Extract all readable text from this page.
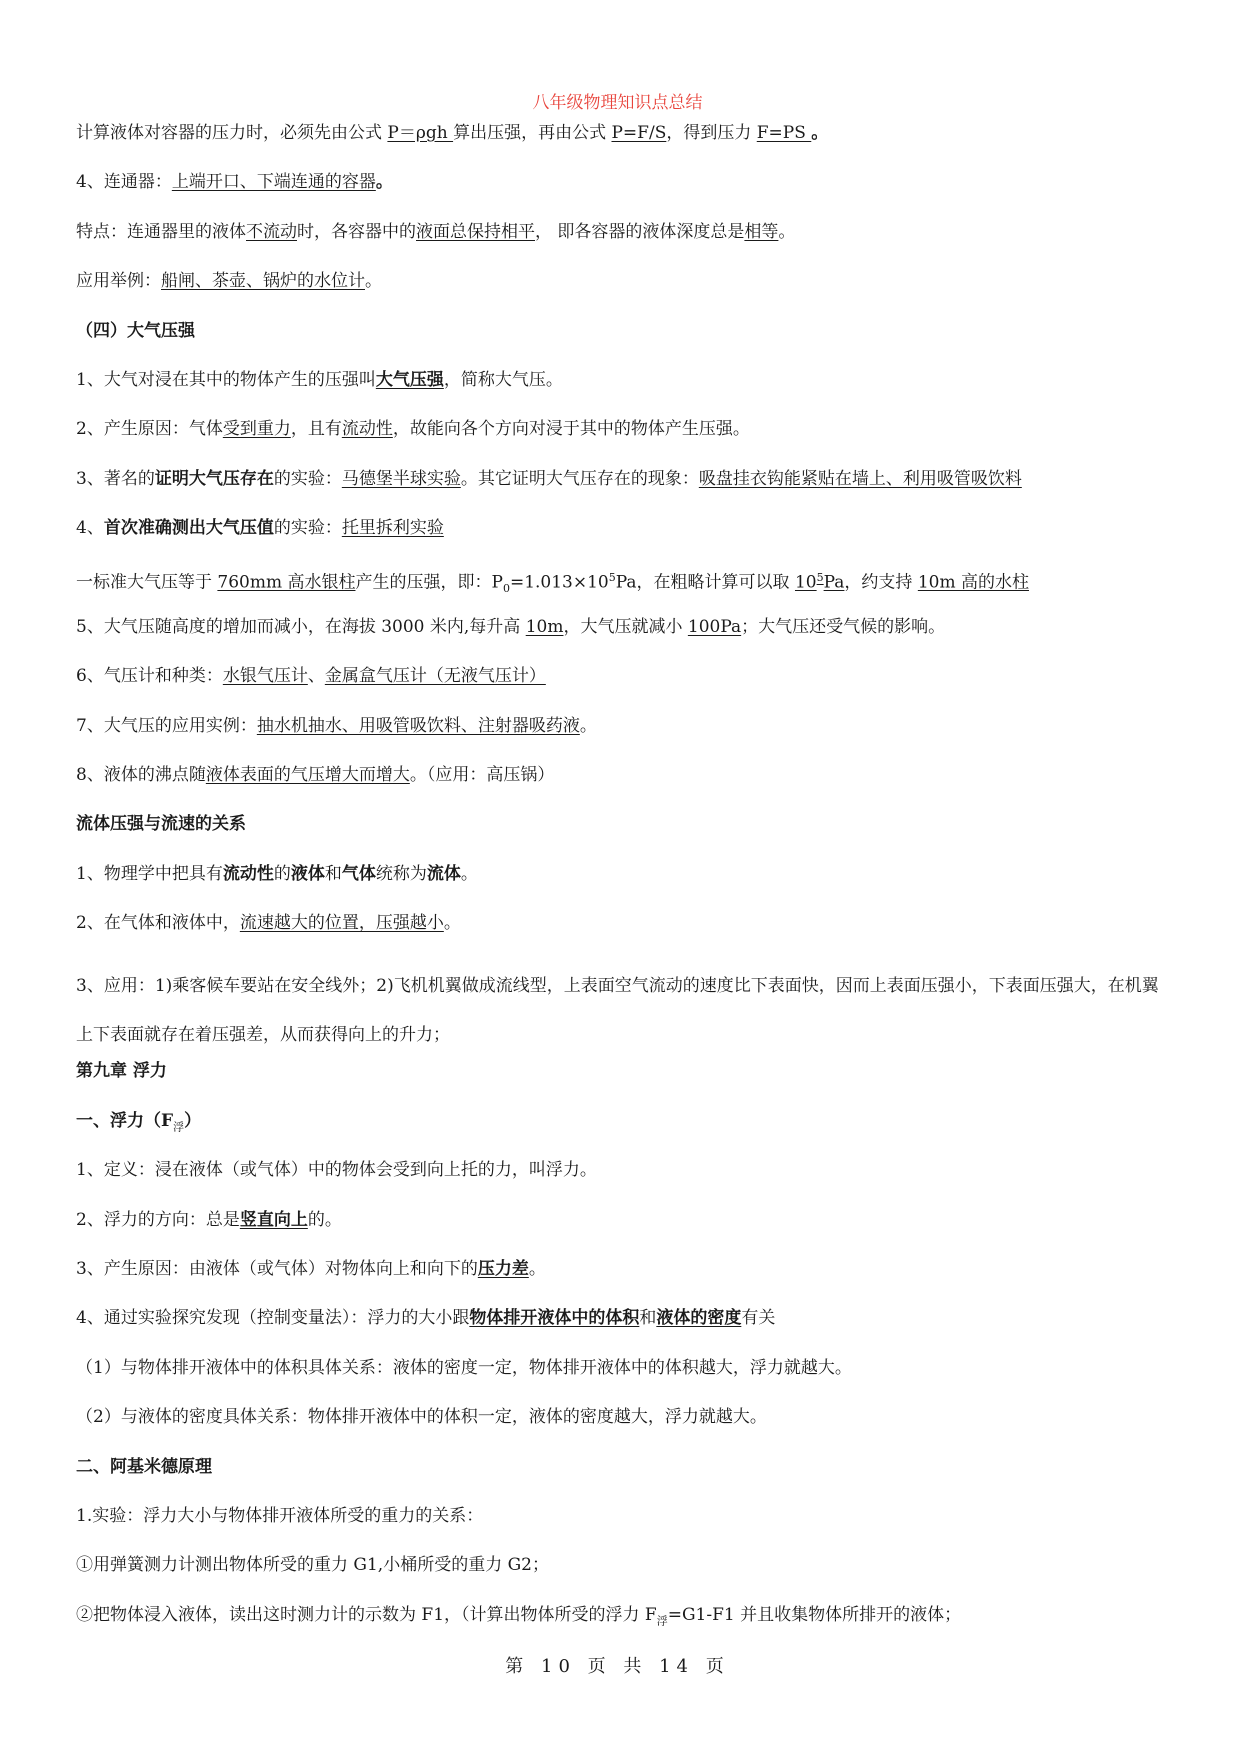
八年级物理知识点总结
计算液体对容器的压力时，必须先由公式 P＝ρgh 算出压强，再由公式 P=F/S，得到压力 F=PS 。
4、连通器：上端开口、下端连通的容器。
特点：连通器里的液体不流动时，各容器中的液面总保持相平， 即各容器的液体深度总是相等。
应用举例：船闸、茶壶、锅炉的水位计。
（四）大气压强
1、大气对浸在其中的物体产生的压强叫大气压强，简称大气压。
2、产生原因：气体受到重力，且有流动性，故能向各个方向对浸于其中的物体产生压强。
3、著名的证明大气压存在的实验：马德堡半球实验。其它证明大气压存在的现象：吸盘挂衣钩能紧贴在墙上、利用吸管吸饮料
4、首次准确测出大气压值的实验：托里拆利实验
一标准大气压等于 760mm 高水银柱产生的压强，即：$P_0=1.013\times 10^5Pa$，在粗略计算可以取 $10^5Pa$，约支持 10m 高的水柱
5、大气压随高度的增加而减小，在海拔 3000 米内,每升高 10m，大气压就减小 100Pa；大气压还受气候的影响。
6、气压计和种类：水银气压计、金属盒气压计（无液气压计）
7、大气压的应用实例：抽水机抽水、用吸管吸饮料、注射器吸药液。
8、液体的沸点随液体表面的气压增大而增大。（应用：高压锅）
流体压强与流速的关系
1、物理学中把具有流动性的液体和气体统称为流体。
2、在气体和液体中，流速越大的位置，压强越小。
3、应用：1)乘客候车要站在安全线外；2)飞机机翼做成流线型，上表面空气流动的速度比下表面快，因而上表面压强小，下表面压强大，在机翼上下表面就存在着压强差，从而获得向上的升力；
第九章 浮力
一、浮力$(F_浮)$
1、定义：浸在液体（或气体）中的物体会受到向上托的力，叫浮力。
2、浮力的方向：总是竖直向上的。
3、产生原因：由液体（或气体）对物体向上和向下的压力差。
4、通过实验探究发现（控制变量法）：浮力的大小跟物体排开液体中的体积和液体的密度有关
（1）与物体排开液体中的体积具体关系：液体的密度一定，物体排开液体中的体积越大，浮力就越大。
（2）与液体的密度具体关系：物体排开液体中的体积一定，液体的密度越大，浮力就越大。
二、阿基米德原理
1.实验：浮力大小与物体排开液体所受的重力的关系：
①用弹簧测力计测出物体所受的重力 G1,小桶所受的重力 G2；
②把物体浸入液体，读出这时测力计的示数为 F1，（计算出物体所受的浮力 $F_浮=G1-F1$ 并且收集物体所排开的液体；
第 10 页 共 14 页
